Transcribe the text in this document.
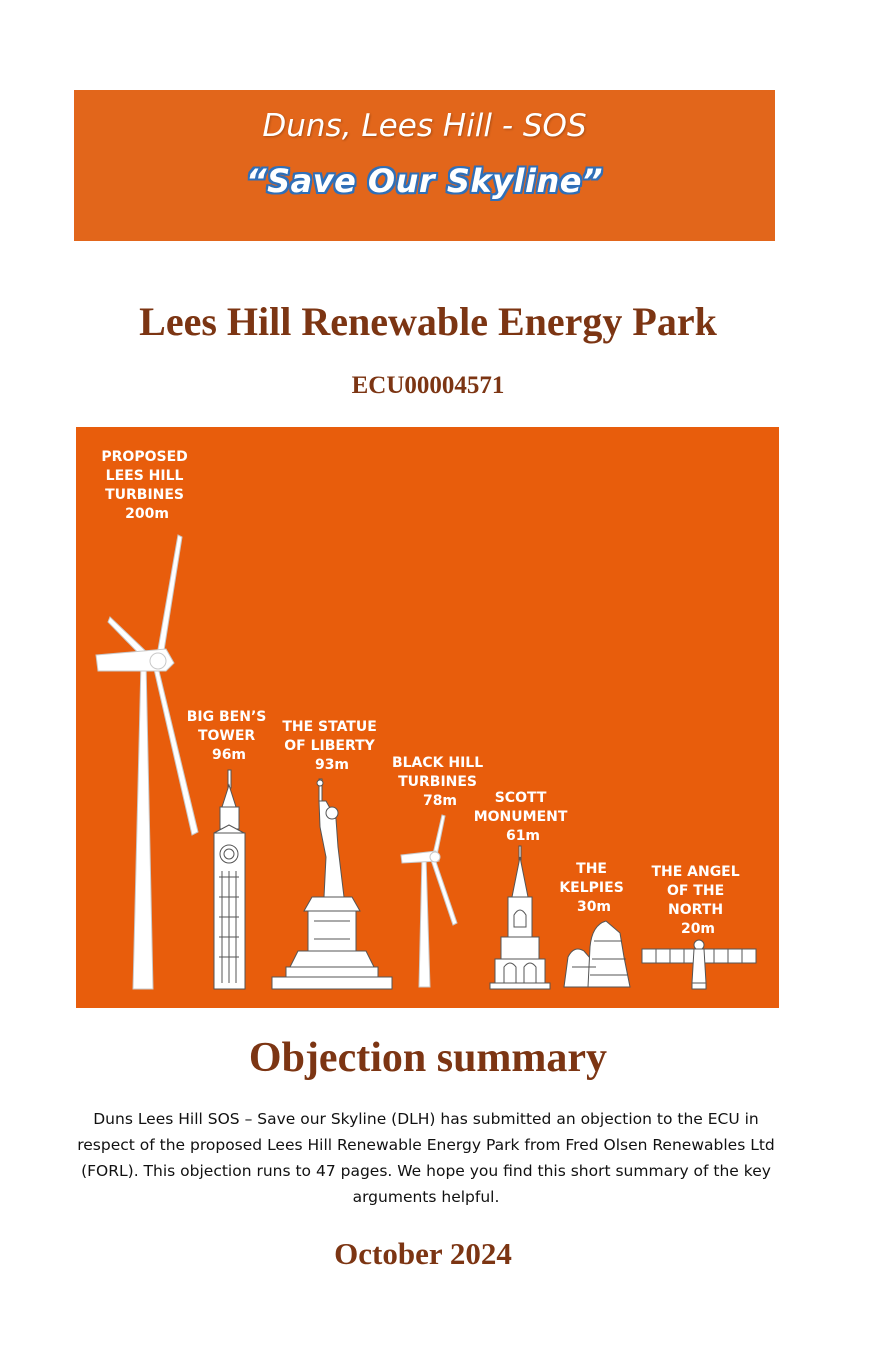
Duns, Lees Hill - SOS
“Save Our Skyline”
Lees Hill Renewable Energy Park
ECU00004571
PROPOSED LEES HILL TURBINES 200m
BIG BEN’S TOWER 96m
THE STATUE OF LIBERTY 93m	BLACK HILL TURBINES 78m	SCOTT MONUMENT 61m
THE KELPIES 30m
THE ANGEL OF THE NORTH 20m
Objection summary
Duns Lees Hill SOS – Save our Skyline (DLH) has submitted an objection to the ECU in respect of the proposed Lees Hill Renewable Energy Park from Fred Olsen Renewables Ltd (FORL). This objection runs to 47 pages. We hope you find this short summary of the key arguments helpful.
October 2024
